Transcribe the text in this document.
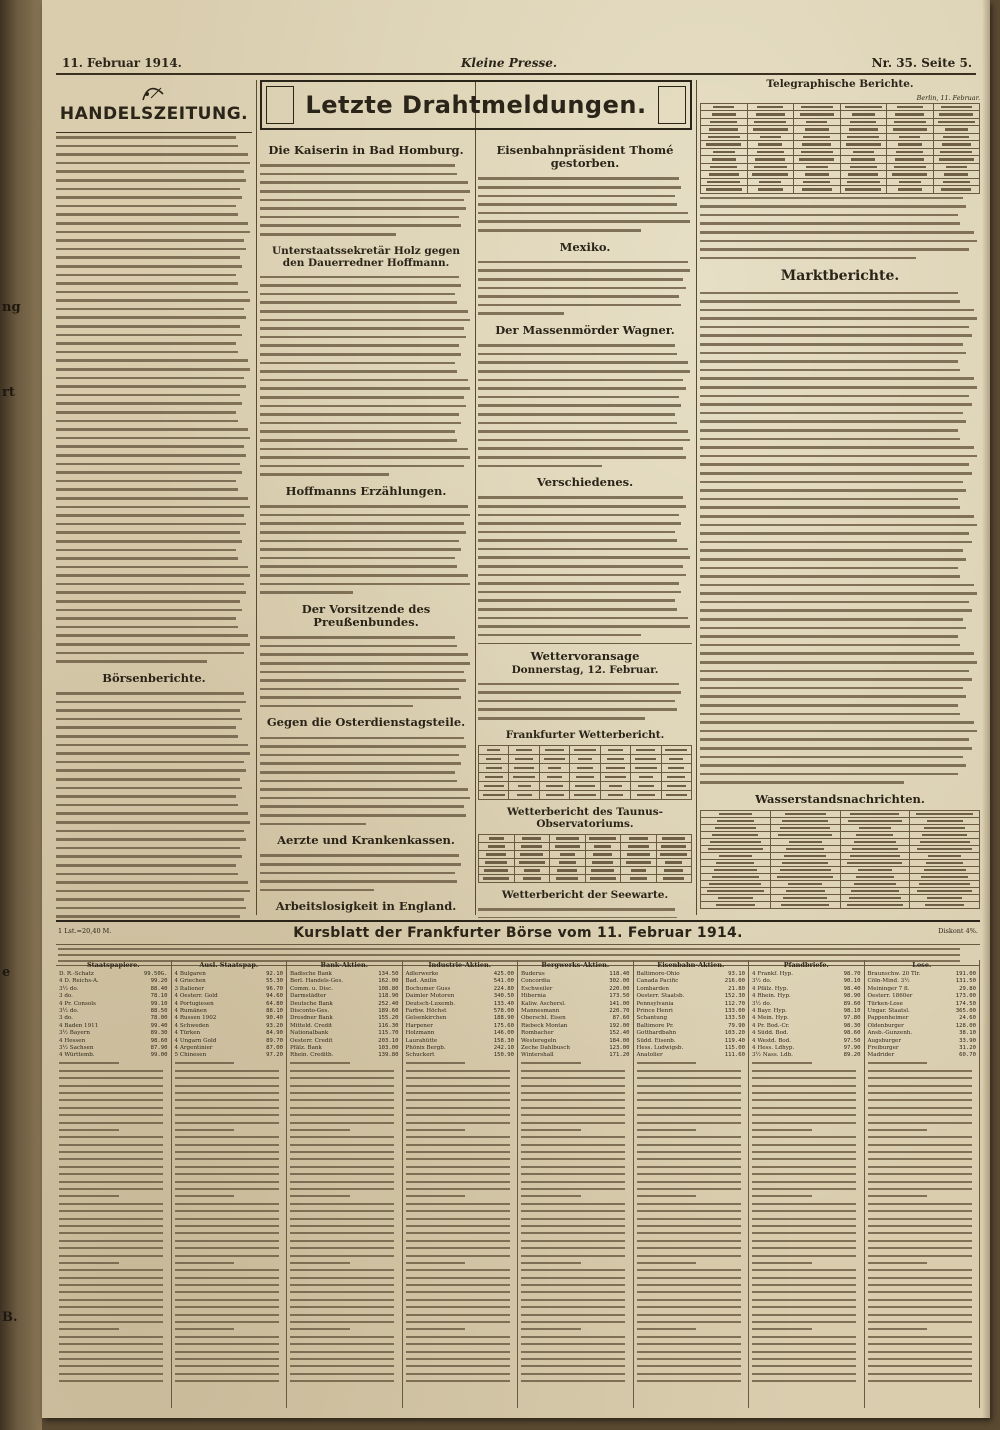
ng
rt
e
B.
11. Februar 1914.	Kleine Presse.	Nr. 35. Seite 5.
HANDELSZEITUNG.
Börsenberichte.
Letzte Drahtmeldungen.
Die Kaiserin in Bad Homburg.
Unterstaatssekretär Holz gegen den Dauerredner Hoffmann.
Hoffmanns Erzählungen.
Der Vorsitzende des Preußenbundes.
Gegen die Osterdienstagsteile.
Aerzte und Krankenkassen.
Arbeitslosigkeit in England.
Eisenbahnpräsident Thomé gestorben.
Mexiko.
Der Massenmörder Wagner.
Verschiedenes.
Wettervoransage
Donnerstag, 12. Februar.
Frankfurter Wetterbericht.

Wetterbericht des Taunus-Observatoriums.

Wetterbericht der Seewarte.
Telegraphische Berichte.
Berlin, 11. Februar.

Marktberichte.
Wasserstandsnachrichten.

1 Lst.=20,40 M.	Kursblatt der Frankfurter Börse vom 11. Februar 1914.	Diskont 4%.
Staatspapiere.
D. R.-Schatz	99.50G.
4 D. Reichs-A.	99.20
3½ do.	88.40
3 do.	78.10
4 Pr. Consols	99.10
3½ do.	88.50
3 do.	78.00
4 Baden 1911	99.40
3½ Bayern	89.30
4 Hessen	98.60
3½ Sachsen	87.90
4 Württemb.	99.00
Ausl. Staatspap.
4 Bulgaren	92.10
4 Griechen	55.30
3 Italiener	96.70
4 Oesterr. Gold	94.60
4 Portugiesen	64.80
4 Rumänen	88.10
4 Russen 1902	90.40
4 Schweden	93.20
4 Türken	84.90
4 Ungarn Gold	89.70
4 Argentinier	87.00
5 Chinesen	97.20
Bank-Aktien.
Badische Bank	134.50
Berl. Handels-Ges.	162.00
Comm. u. Disc.	108.80
Darmstädter	118.90
Deutsche Bank	252.40
Disconto-Ges.	189.60
Dresdner Bank	155.20
Mitteld. Credit	116.30
Nationalbank	115.70
Oesterr. Credit	203.10
Pfälz. Bank	103.00
Rhein. Creditb.	139.80
Industrie-Aktien.
Adlerwerke	425.00
Bad. Anilin	541.00
Bochumer Guss	224.80
Daimler Motoren	340.50
Deutsch-Luxemb.	133.40
Farbw. Höchst	578.00
Gelsenkirchen	188.90
Harpener	175.60
Holzmann	146.00
Laurahütte	158.30
Phönix Bergb.	242.10
Schuckert	150.90
Bergwerks-Aktien.
Buderus	118.40
Concordia	302.00
Eschweiler	220.00
Hibernia	173.50
Kaliw. Aschersl.	141.00
Mannesmann	220.70
Oberschl. Eisen	87.60
Riebeck Montan	192.00
Rombacher	152.40
Westeregeln	184.00
Zeche Dahlbusch	123.00
Wintershall	171.20
Eisenbahn-Aktien.
Baltimore-Ohio	93.10
Canada Pacific	216.00
Lombarden	21.80
Oesterr. Staatsb.	152.30
Pennsylvania	112.70
Prince Henri	133.00
Schantung	133.50
Baltimore Pr.	79.90
Gotthardbahn	103.20
Südd. Eisenb.	119.40
Hess. Ludwigsb.	115.00
Anatolier	111.60
Pfandbriefe.
4 Frankf. Hyp.	98.70
3½ do.	90.10
4 Pfälz. Hyp.	98.40
4 Rhein. Hyp.	98.90
3½ do.	89.60
4 Bayr. Hyp.	98.10
4 Mein. Hyp.	97.80
4 Pr. Bod.-Cr.	98.30
4 Südd. Bod.	98.60
4 Westd. Bod.	97.50
4 Hess. Ldhyp.	97.90
3½ Nass. Ldb.	89.20
Lose.
Braunschw. 20 Tlr.	191.00
Cöln-Mind. 3½	131.50
Meininger 7 fl.	29.80
Oesterr. 1860er	173.00
Türken-Lose	174.50
Ungar. Staatsl.	365.00
Pappenheimer	24.60
Oldenburger	128.00
Ansb.-Gunzenh.	38.10
Augsburger	33.90
Freiburger	31.20
Madrider	60.70
